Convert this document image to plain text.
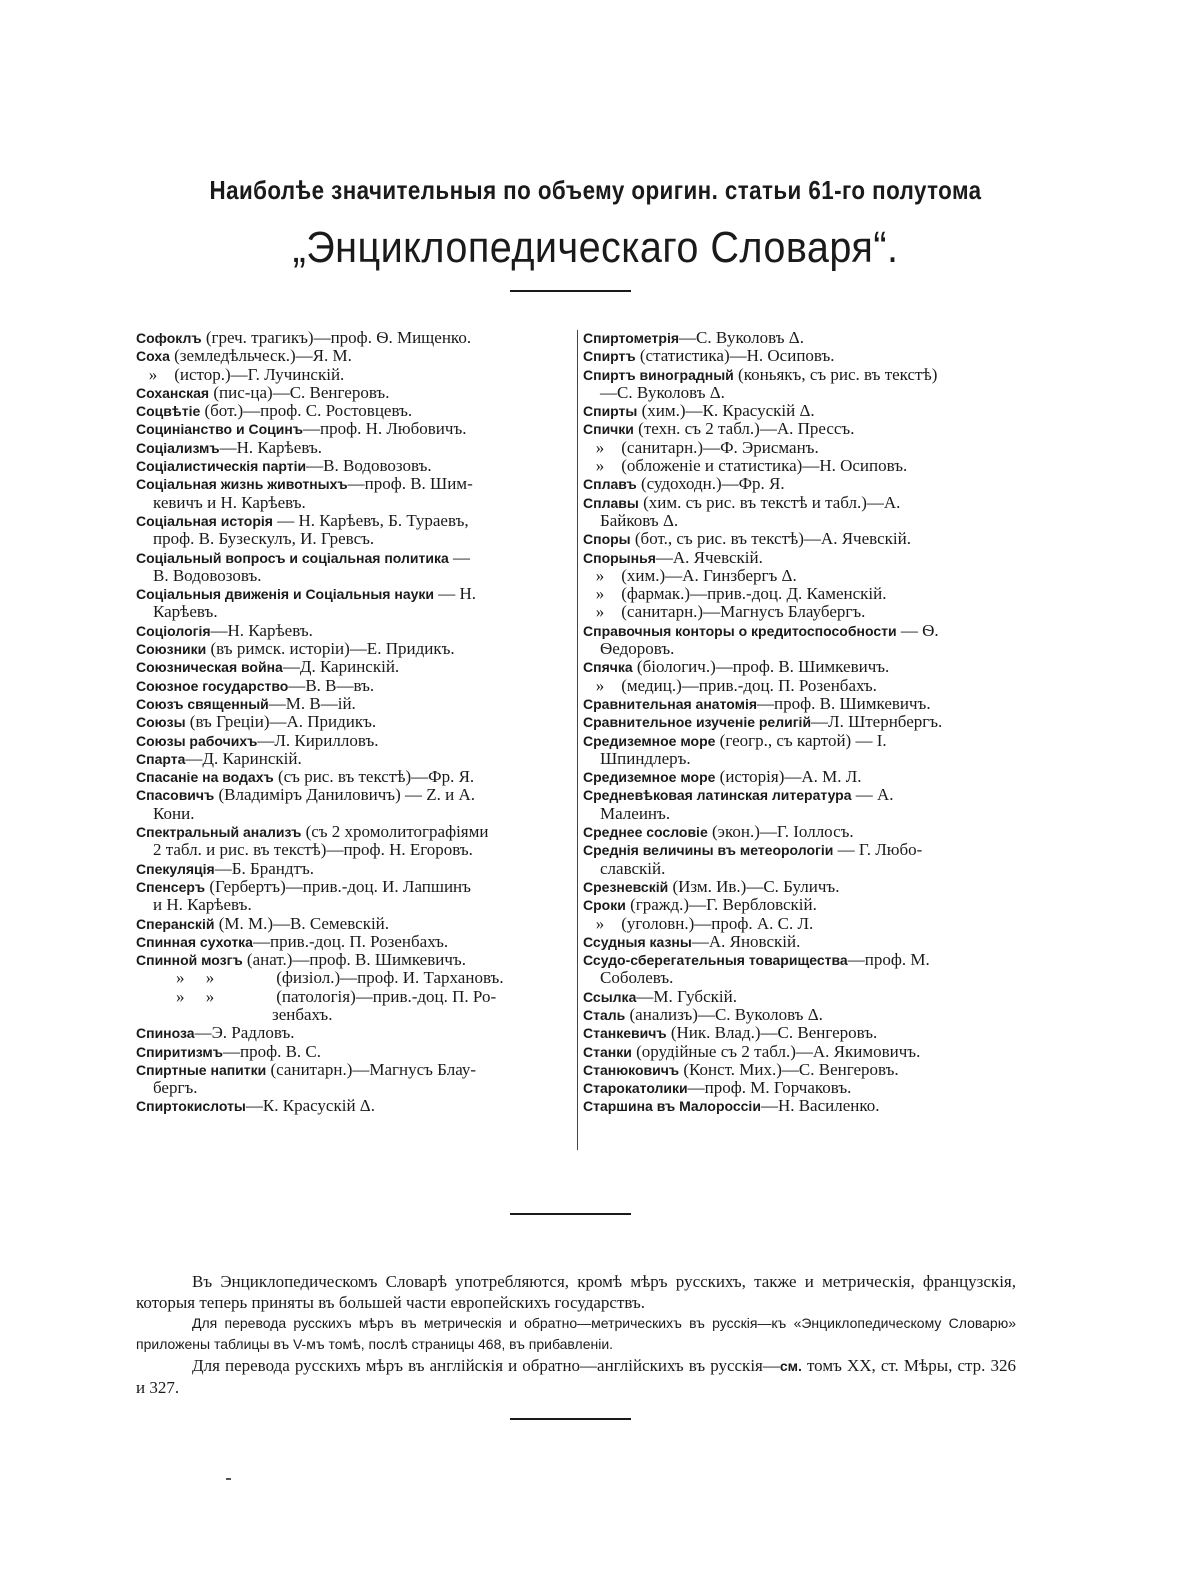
Наиболѣе значительныя по объему оригин. статьи 61-го полутома
„Энциклопедическаго Словаря“.
Софоклъ (греч. трагикъ)—проф. Ѳ. Мищенко.
Соха (земледѣльческ.)—Я. М.
» (истор.)—Г. Лучинскій.
Соханская (пис-ца)—С. Венгеровъ.
Соцвѣтіе (бот.)—проф. С. Ростовцевъ.
Социніанство и Социнъ—проф. Н. Любовичъ.
Соціализмъ—Н. Карѣевъ.
Соціалистическія партіи—В. Водовозовъ.
Соціальная жизнь животныхъ—проф. В. Шим-
кевичъ и Н. Карѣевъ.
Соціальная исторія — Н. Карѣевъ, Б. Тураевъ,
проф. В. Бузескулъ, И. Гревсъ.
Соціальный вопросъ и соціальная политика —
В. Водовозовъ.
Соціальныя движенія и Соціальныя науки — Н.
Карѣевъ.
Соціологія—Н. Карѣевъ.
Союзники (въ римск. исторіи)—Е. Придикъ.
Союзническая война—Д. Каринскій.
Союзное государство—В. В—въ.
Союзъ священный—М. В—ій.
Союзы (въ Греціи)—А. Придикъ.
Союзы рабочихъ—Л. Кирилловъ.
Спарта—Д. Каринскій.
Спасаніе на водахъ (съ рис. въ текстѣ)—Фр. Я.
Спасовичъ (Владиміръ Даниловичъ) — Z. и А.
Кони.
Спектральный анализъ (съ 2 хромолитографіями
2 табл. и рис. въ текстѣ)—проф. Н. Егоровъ.
Спекуляція—Б. Брандтъ.
Спенсеръ (Гербертъ)—прив.-доц. И. Лапшинъ
и Н. Карѣевъ.
Сперанскій (М. М.)—В. Семевскій.
Спинная сухотка—прив.-доц. П. Розенбахъ.
Спинной мозгъ (анат.)—проф. В. Шимкевичъ.
»     »	(физіол.)—проф. И. Тархановъ.
»     »	(патологія)—прив.-доц. П. Ро-
зенбахъ.
Спиноза—Э. Радловъ.
Спиритизмъ—проф. В. С.
Спиртные напитки (санитарн.)—Магнусъ Блау-
бергъ.
Спиртокислоты—К. Красускій Δ.
Спиртометрія—С. Вуколовъ Δ.
Спиртъ (статистика)—Н. Осиповъ.
Спиртъ виноградный (коньякъ, съ рис. въ текстѣ)
—С. Вуколовъ Δ.
Спирты (хим.)—К. Красускій Δ.
Спички (техн. съ 2 табл.)—А. Прессъ.
» (санитарн.)—Ф. Эрисманъ.
» (обложеніе и статистика)—Н. Осиповъ.
Сплавъ (судоходн.)—Фр. Я.
Сплавы (хим. съ рис. въ текстѣ и табл.)—А.
Байковъ Δ.
Споры (бот., съ рис. въ текстѣ)—А. Ячевскій.
Спорынья—А. Ячевскій.
» (хим.)—А. Гинзбергъ Δ.
» (фармак.)—прив.-доц. Д. Каменскій.
» (санитарн.)—Магнусъ Блаубергъ.
Справочныя конторы о кредитоспособности — Ѳ.
Ѳедоровъ.
Спячка (біологич.)—проф. В. Шимкевичъ.
» (медиц.)—прив.-доц. П. Розенбахъ.
Сравнительная анатомія—проф. В. Шимкевичъ.
Сравнительное изученіе религій—Л. Штернбергъ.
Средиземное море (геогр., съ картой) — І.
Шпиндлеръ.
Средиземное море (исторія)—А. М. Л.
Средневѣковая латинская литература — А.
Малеинъ.
Среднее сословіе (экон.)—Г. Іоллосъ.
Среднія величины въ метеорологіи — Г. Любо-
славскій.
Срезневскій (Изм. Ив.)—С. Буличъ.
Сроки (гражд.)—Г. Вербловскій.
» (уголовн.)—проф. А. С. Л.
Ссудныя казны—А. Яновскій.
Ссудо-сберегательныя товарищества—проф. М.
Соболевъ.
Ссылка—М. Губскій.
Сталь (анализъ)—С. Вуколовъ Δ.
Станкевичъ (Ник. Влад.)—С. Венгеровъ.
Станки (орудійные съ 2 табл.)—А. Якимовичъ.
Станюковичъ (Конст. Мих.)—С. Венгеровъ.
Старокатолики—проф. М. Горчаковъ.
Старшина въ Малороссіи—Н. Василенко.

Въ Энциклопедическомъ Словарѣ употребляются, кромѣ мѣръ русскихъ, также и метрическія, французскія, которыя теперь приняты въ большей части европейскихъ государствъ.

Для перевода русскихъ мѣръ въ метрическія и обратно—метрическихъ въ русскія—къ «Энциклопедическому Словарю» приложены таблицы въ V-мъ томѣ, послѣ страницы 468, въ прибавленіи.

Для перевода русскихъ мѣръ въ англійскія и обратно—англійскихъ въ русскія—см. томъ XX, ст. Мѣры, стр. 326 и 327.
